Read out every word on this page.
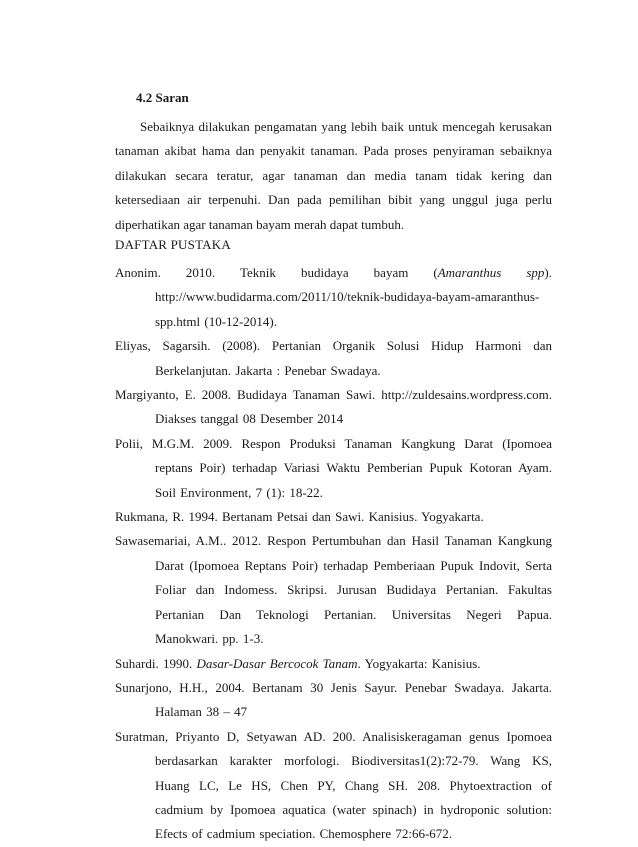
4.2 Saran

Sebaiknya dilakukan pengamatan yang lebih baik untuk mencegah kerusakan tanaman akibat hama dan penyakit tanaman. Pada proses penyiraman sebaiknya dilakukan secara teratur, agar tanaman dan media tanam tidak kering dan ketersediaan air terpenuhi. Dan pada pemilihan bibit yang unggul juga perlu diperhatikan agar tanaman bayam merah dapat tumbuh.

DAFTAR PUSTAKA
Anonim. 2010. Teknik budidaya bayam (Amaranthus spp). http://www.budidarma.com/2011/10/teknik-budidaya-bayam-amaranthus-spp.html (10-12-2014).
Eliyas, Sagarsih. (2008). Pertanian Organik Solusi Hidup Harmoni dan Berkelanjutan. Jakarta : Penebar Swadaya.
Margiyanto, E. 2008. Budidaya Tanaman Sawi. http://zuldesains.wordpress.com. Diakses tanggal 08 Desember 2014
Polii, M.G.M. 2009. Respon Produksi Tanaman Kangkung Darat (Ipomoea reptans Poir) terhadap Variasi Waktu Pemberian Pupuk Kotoran Ayam. Soil Environment, 7 (1): 18-22.
Rukmana, R. 1994. Bertanam Petsai dan Sawi. Kanisius. Yogyakarta.
Sawasemariai, A.M.. 2012. Respon Pertumbuhan dan Hasil Tanaman Kangkung Darat (Ipomoea Reptans Poir) terhadap Pemberiaan Pupuk Indovit, Serta Foliar dan Indomess. Skripsi. Jurusan Budidaya Pertanian. Fakultas Pertanian Dan Teknologi Pertanian. Universitas Negeri Papua. Manokwari. pp. 1-3.
Suhardi. 1990. Dasar-Dasar Bercocok Tanam. Yogyakarta: Kanisius.
Sunarjono, H.H., 2004. Bertanam 30 Jenis Sayur. Penebar Swadaya. Jakarta. Halaman 38 – 47
Suratman, Priyanto D, Setyawan AD. 200. Analisiskeragaman genus Ipomoea berdasarkan karakter morfologi. Biodiversitas1(2):72-79. Wang KS, Huang LC, Le HS, Chen PY, Chang SH. 208. Phytoextraction of cadmium by Ipomoea aquatica (water spinach) in hydroponic solution: Efects of cadmium speciation. Chemosphere 72:66-672.
